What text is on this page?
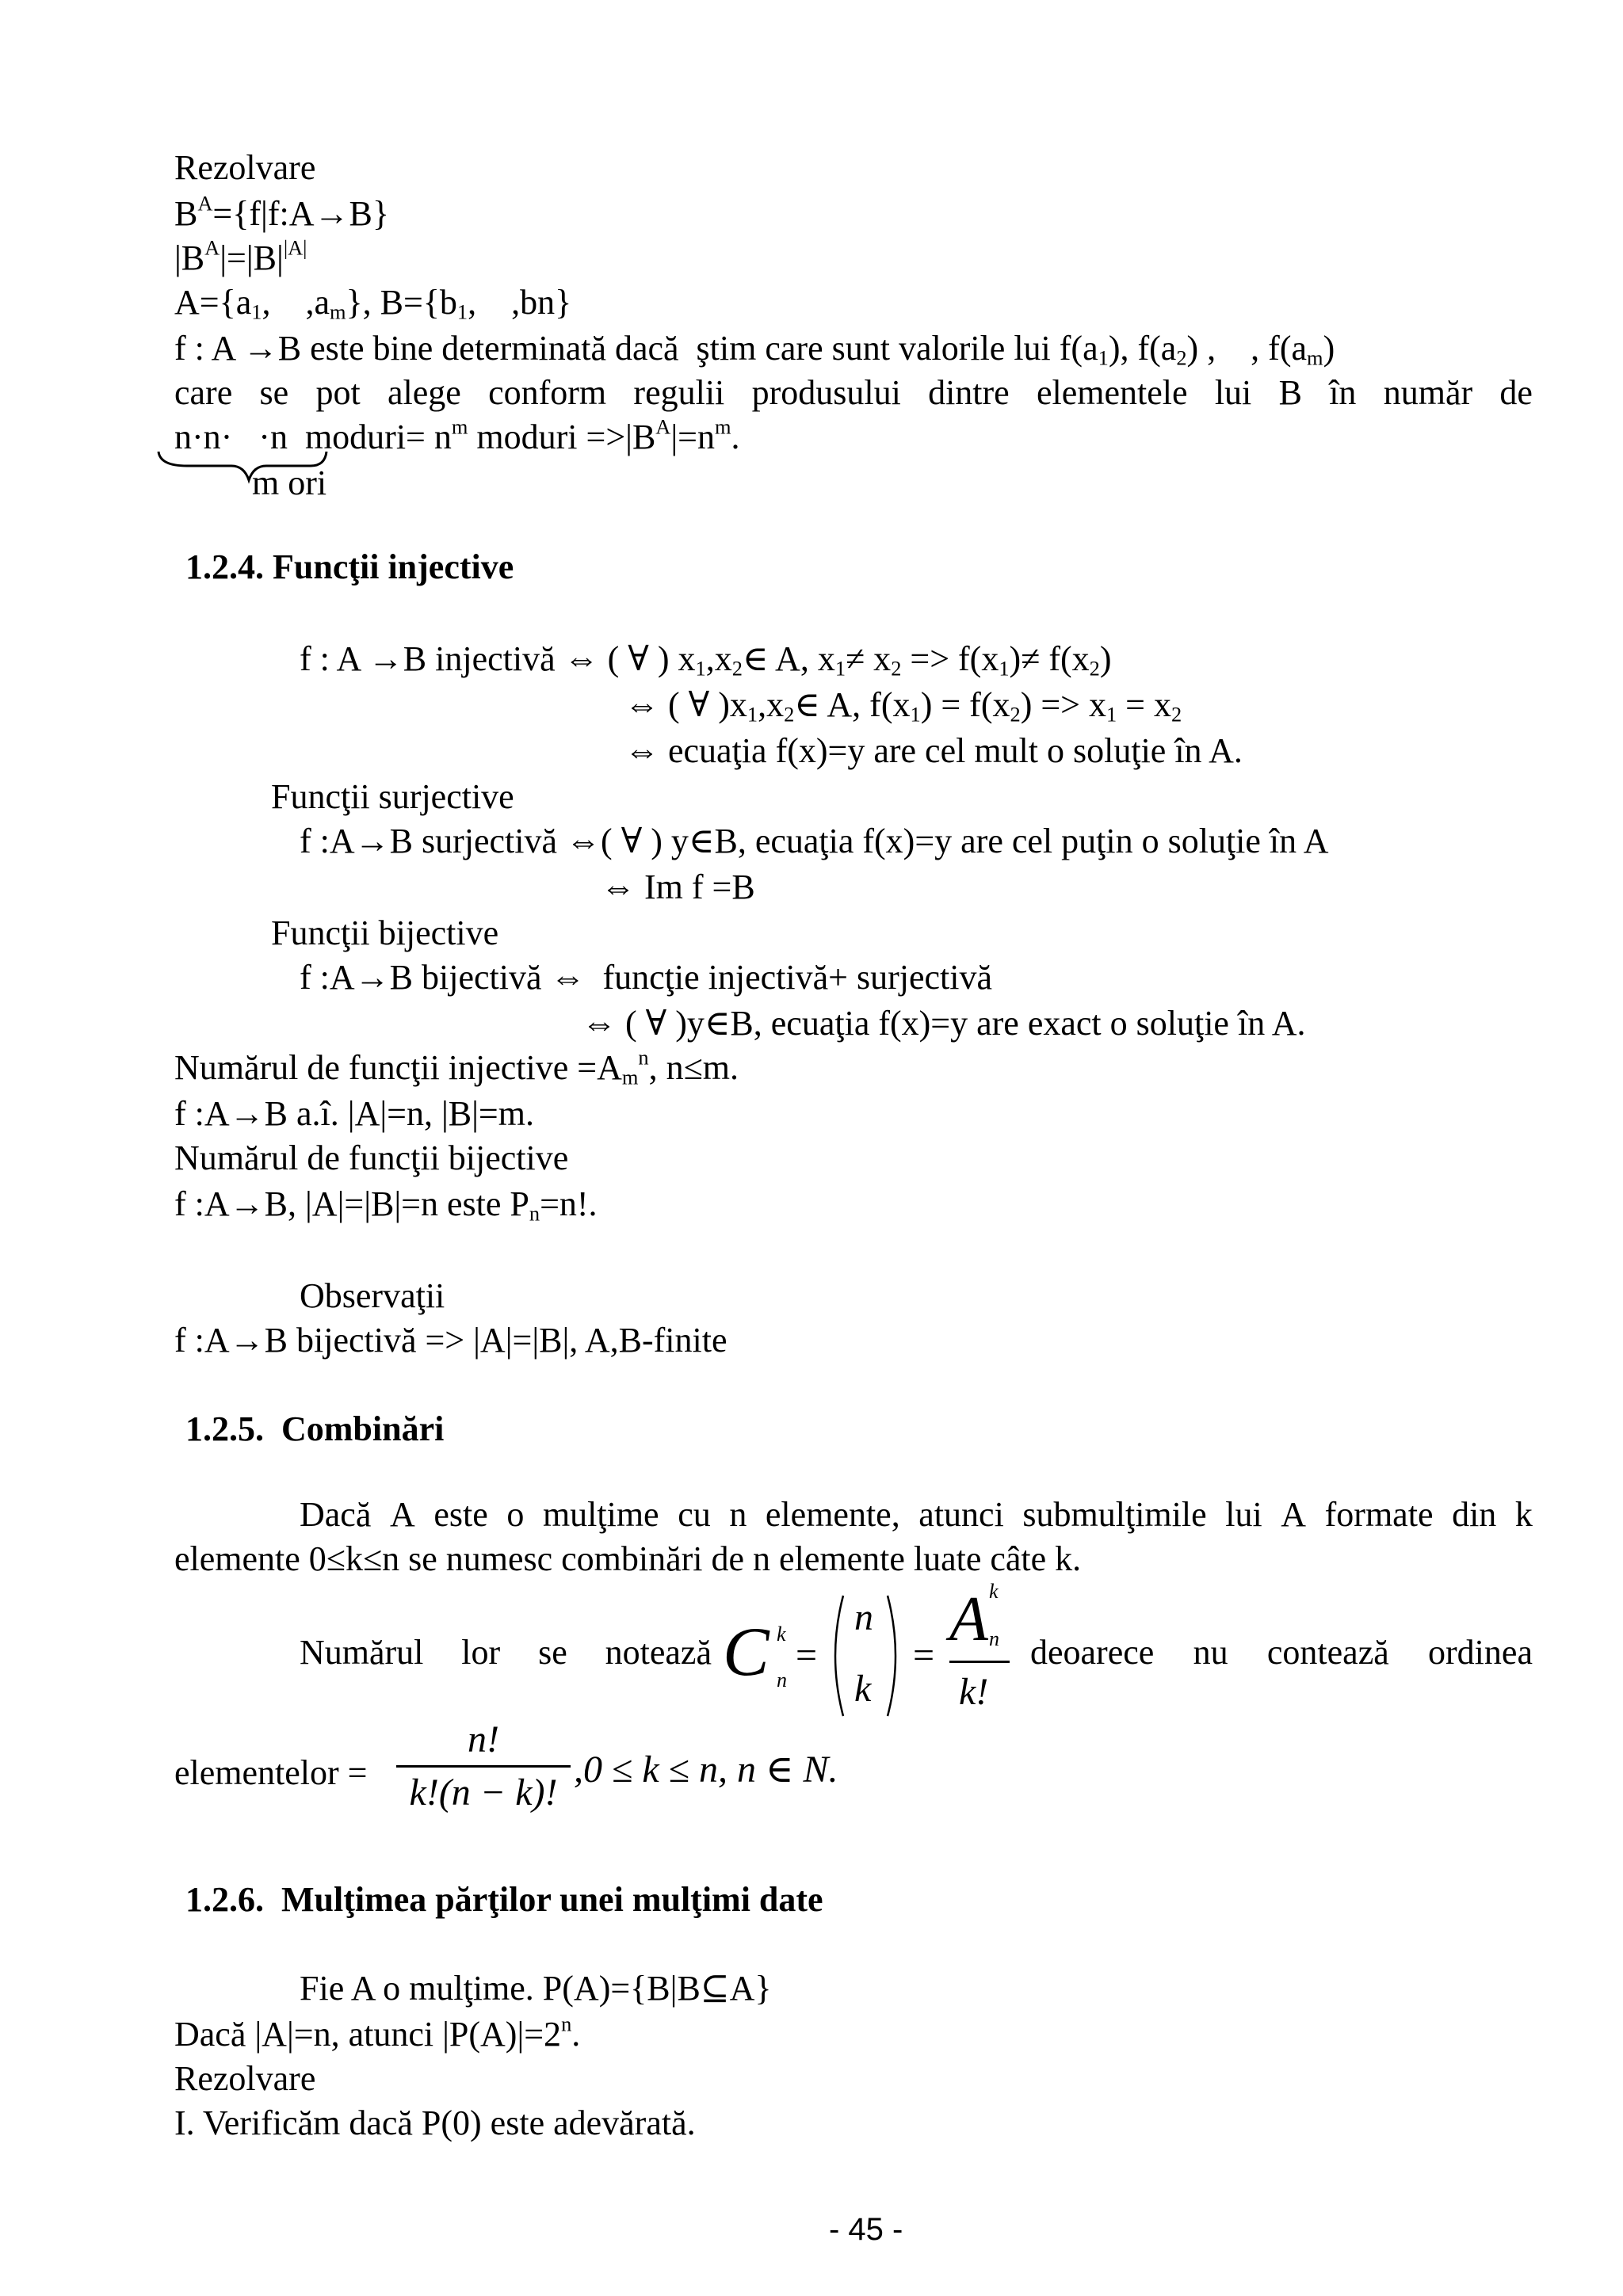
Rezolvare
$B^A=\{f|f:A\to B\}$
$|B^A|=|B|^{|A|}$
$A=\{a_1$,    $,a_m$}, $B=\{b_1$,    ,bn}
f : A →B este bine determinată dacă  ştim care sunt valorile lui $f(a_1)$, $f(a_2)$ ,    , $f(a_m)$
care se pot alege conform regulii produsului dintre elementele lui B în număr de
n·n·   ·n  moduri= $n^m$ moduri $=>|B^A|=n^m$.
m ori
1.2.4. Funcţii injective
f : A →B injectivă ⇔ ( ∀ ) $x_1,x_2\in$ A, $x_1\ne x_2 => f(x_1)\ne f(x_2)$
⇔ ( ∀ )$x_1,x_2\in$ A, $f(x_1) = f(x_2) => x_1 = x_2$
⇔ ecuaţia f(x)=y are cel mult o soluţie în A.
Funcţii surjective
f :A→B surjectivă ⇔( ∀ ) y∈B, ecuaţia f(x)=y are cel puţin o soluţie în A
⇔ Im f =B
Funcţii bijective
f :A→B bijectivă ⇔  funcţie injectivă+ surjectivă
⇔ ( ∀ )y∈B, ecuaţia f(x)=y are exact o soluţie în A.
Numărul de funcţii injective $=A_m^n$, n≤m.
f :A→B a.î. |A|=n, |B|=m.
Numărul de funcţii bijective
f :A→B, |A|=|B|=n este $P_n=n$!.
Observaţii
f :A→B bijectivă => |A|=|B|, A,B-finite
1.2.5.  Combinări
Dacă A este o mulţime cu n elemente, atunci submulţimile lui A formate din k
elemente 0≤k≤n se numesc combinări de n elemente luate câte k.
Numărul lor se notează C k
n
=
n
k
=
A k
n
k!
deoarece nu contează ordinea
elementelor =
n!
k!(n − k)!
,0 ≤ k ≤ n, n ∈ N.
1.2.6.  Mulţimea părţilor unei mulţimi date
Fie A o mulţime. P(A)={B|B⊆A}
Dacă |A|=n, atunci $|P(A)|=2^n$.
Rezolvare
I. Verificăm dacă P(0) este adevărată.
- 45 -
